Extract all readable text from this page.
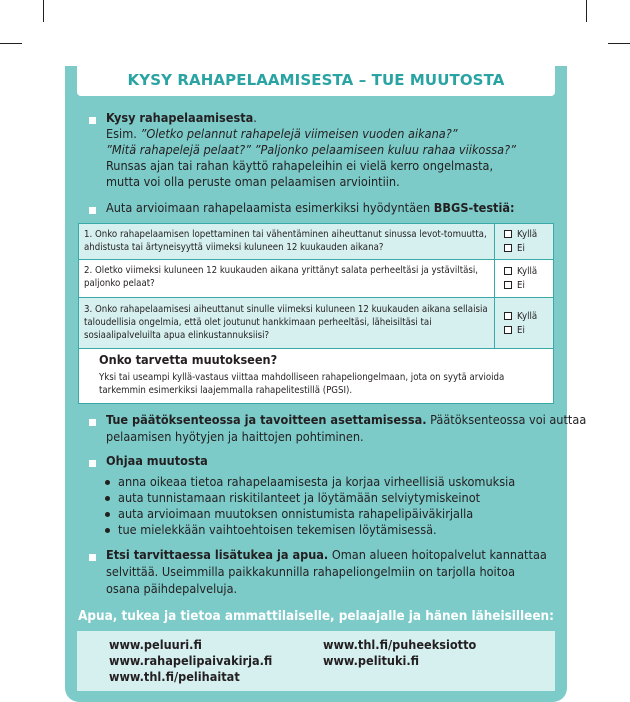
KYSY RAHAPELAAMISESTA – TUE MUUTOSTA
Kysy rahapelaamisesta.
Esim. ”Oletko pelannut rahapelejä viimeisen vuoden aikana?”
”Mitä rahapelejä pelaat?” ”Paljonko pelaamiseen kuluu rahaa viikossa?”
Runsas ajan tai rahan käyttö rahapeleihin ei vielä kerro ongelmasta,
mutta voi olla peruste oman pelaamisen arviointiin.
Auta arvioimaan rahapelaamista esimerkiksi hyödyntäen BBGS-testiä:
1. Onko rahapelaamisen lopettaminen tai vähentäminen aiheuttanut sinussa levot-tomuutta, ahdistusta tai ärtyneisyyttä viimeksi kuluneen 12 kuukauden aikana?
Kyllä
Ei
2. Oletko viimeksi kuluneen 12 kuukauden aikana yrittänyt salata perheeltäsi ja ystäviltäsi, paljonko pelaat?
Kyllä
Ei
3. Onko rahapelaamisesi aiheuttanut sinulle viimeksi kuluneen 12 kuukauden aikana sellaisia taloudellisia ongelmia, että olet joutunut hankkimaan perheeltäsi, läheisiltäsi tai sosiaalipalveluilta apua elinkustannuksiisi?
Kyllä
Ei
Onko tarvetta muutokseen?
Yksi tai useampi kyllä-vastaus viittaa mahdolliseen rahapeliongelmaan, jota on syytä arvioida tarkemmin esimerkiksi laajemmalla rahapelitestillä (PGSI).
Tue päätöksenteossa ja tavoitteen asettamisessa. Päätöksenteossa voi auttaa
pelaamisen hyötyjen ja haittojen pohtiminen.
Ohjaa muutosta
anna oikeaa tietoa rahapelaamisesta ja korjaa virheellisiä uskomuksia
auta tunnistamaan riskitilanteet ja löytämään selviytymiskeinot
auta arvioimaan muutoksen onnistumista rahapelipäiväkirjalla
tue mielekkään vaihtoehtoisen tekemisen löytämisessä.
Etsi tarvittaessa lisätukea ja apua. Oman alueen hoitopalvelut kannattaa
selvittää. Useimmilla paikkakunnilla rahapeliongelmiin on tarjolla hoitoa
osana päihdepalveluja.
Apua, tukea ja tietoa ammattilaiselle, pelaajalle ja hänen läheisilleen:
www.peluuri.fi
www.rahapelipaivakirja.fi
www.thl.fi/pelihaitat
www.thl.fi/puheeksiotto
www.pelituki.fi
